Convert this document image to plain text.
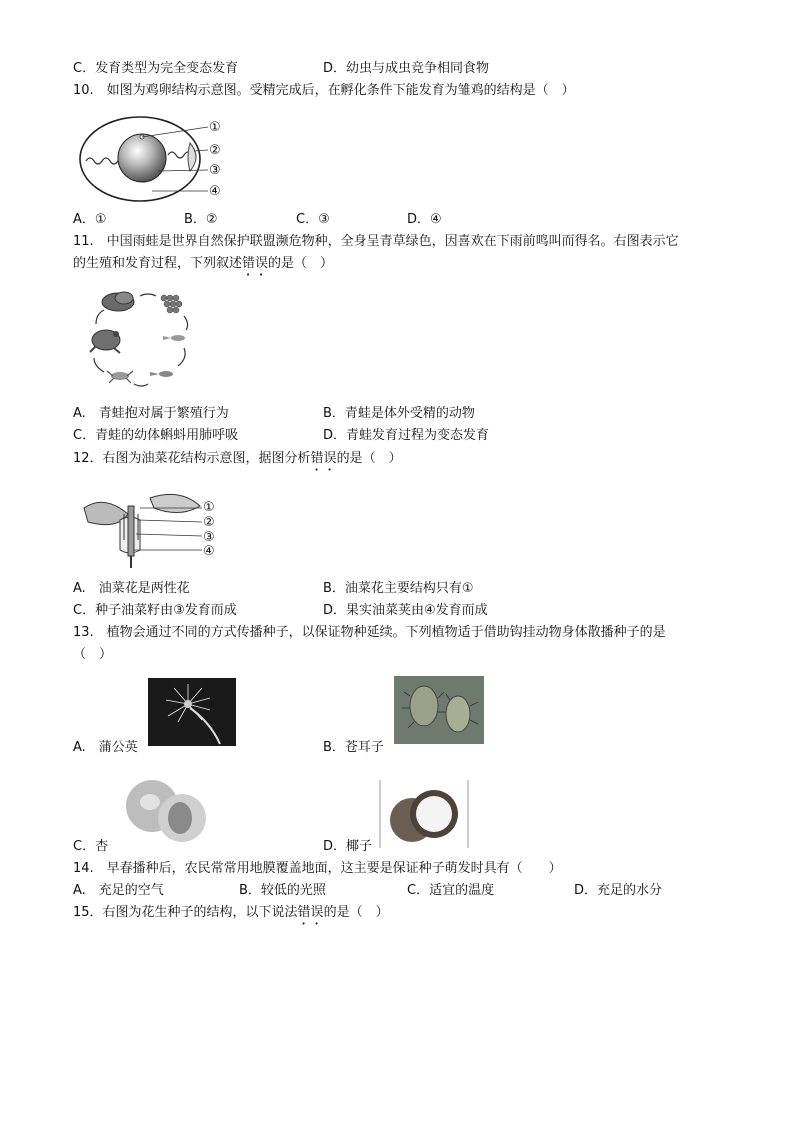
C．发育类型为完全变态发育	D．幼虫与成虫竞争相同食物
10.　如图为鸡卵结构示意图。受精完成后，在孵化条件下能发育为雏鸡的结构是（　）
①
②
③
④
A．①	B．②	C．③	D．④
11.　中国雨蛙是世界自然保护联盟濒危物种，全身呈青草绿色，因喜欢在下雨前鸣叫而得名。右图表示它
的生殖和发育过程，下列叙述错误的是（　）
A.　青蛙抱对属于繁殖行为	B．青蛙是体外受精的动物
C．青蛙的幼体蝌蚪用肺呼吸	D．青蛙发育过程为变态发育
12．右图为油菜花结构示意图，据图分析错误的是（　）
①
②
③
④
A.　油菜花是两性花	B．油菜花主要结构只有①
C．种子油菜籽由③发育而成	D．果实油菜荚由④发育而成
13.　植物会通过不同的方式传播种子，以保证物种延续。下列植物适于借助钩挂动物身体散播种子的是
（　）
A.　蒲公英	B．苍耳子
C．杏	D．椰子
14.　早春播种后，农民常常用地膜覆盖地面，这主要是保证种子萌发时具有（　　）
A.　充足的空气	B．较低的光照	C．适宜的温度	D．充足的水分
15．右图为花生种子的结构，以下说法错误的是（　）
